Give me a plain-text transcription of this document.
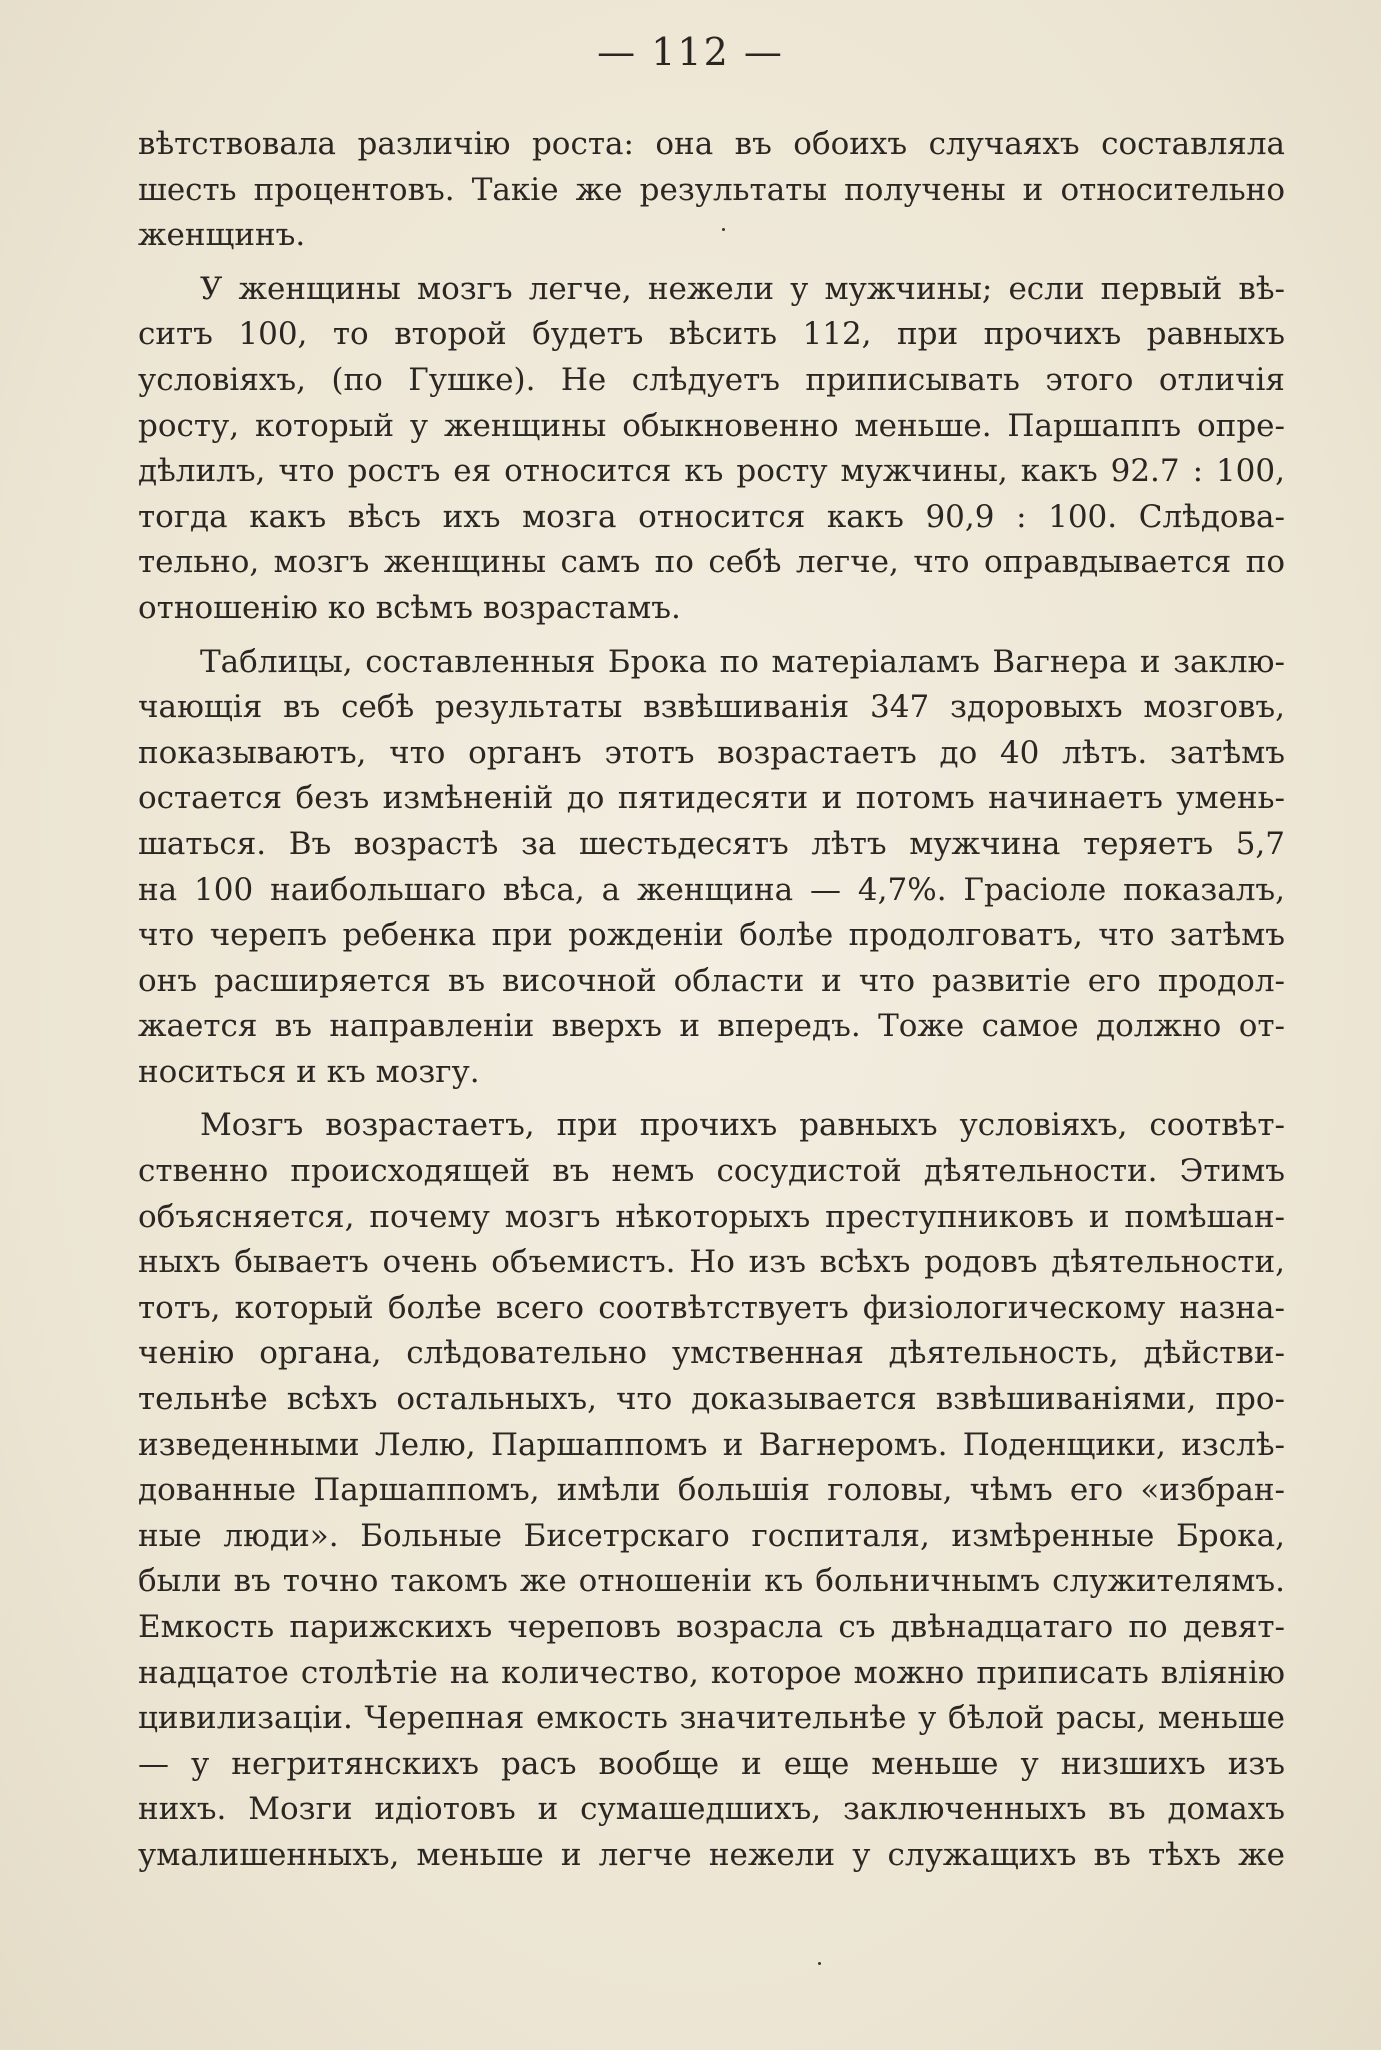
— 112 —
вѣтствовала различію роста: она въ обоихъ случаяхъ составляла
шесть процентовъ. Такіе же результаты получены и относительно
женщинъ.
У женщины мозгъ легче, нежели у мужчины; если первый вѣ-
ситъ 100, то второй будетъ вѣсить 112, при прочихъ равныхъ
условіяхъ, (по Гушке). Не слѣдуетъ приписывать этого отличія
росту, который у женщины обыкновенно меньше. Паршаппъ опре-
дѣлилъ, что ростъ ея относится къ росту мужчины, какъ 92.7 : 100,
тогда какъ вѣсъ ихъ мозга относится какъ 90,9 : 100. Слѣдова-
тельно, мозгъ женщины самъ по себѣ легче, что оправдывается по
отношенію ко всѣмъ возрастамъ.
Таблицы, составленныя Брока по матеріаламъ Вагнера и заклю-
чающія въ себѣ результаты взвѣшиванія 347 здоровыхъ мозговъ,
показываютъ, что органъ этотъ возрастаетъ до 40 лѣтъ. затѣмъ
остается безъ измѣненій до пятидесяти и потомъ начинаетъ умень-
шаться. Въ возрастѣ за шестьдесятъ лѣтъ мужчина теряетъ 5,7
на 100 наибольшаго вѣса, а женщина — 4,7%. Грасіоле показалъ,
что черепъ ребенка при рожденіи болѣе продолговатъ, что затѣмъ
онъ расширяется въ височной области и что развитіе его продол-
жается въ направленіи вверхъ и впередъ. Тоже самое должно от-
носиться и къ мозгу.
Мозгъ возрастаетъ, при прочихъ равныхъ условіяхъ, соотвѣт-
ственно происходящей въ немъ сосудистой дѣятельности. Этимъ
объясняется, почему мозгъ нѣкоторыхъ преступниковъ и помѣшан-
ныхъ бываетъ очень объемистъ. Но изъ всѣхъ родовъ дѣятельности,
тотъ, который болѣе всего соотвѣтствуетъ физіологическому назна-
ченію органа, слѣдовательно умственная дѣятельность, дѣйстви-
тельнѣе всѣхъ остальныхъ, что доказывается взвѣшиваніями, про-
изведенными Лелю, Паршаппомъ и Вагнеромъ. Поденщики, изслѣ-
дованные Паршаппомъ, имѣли большія головы, чѣмъ его «избран-
ные люди». Больные Бисетрскаго госпиталя, измѣренные Брока,
были въ точно такомъ же отношеніи къ больничнымъ служителямъ.
Емкость парижскихъ череповъ возрасла съ двѣнадцатаго по девят-
надцатое столѣтіе на количество, которое можно приписать вліянію
цивилизаціи. Черепная емкость значительнѣе у бѣлой расы, меньше
— у негритянскихъ расъ вообще и еще меньше у низшихъ изъ
нихъ. Мозги идіотовъ и сумашедшихъ, заключенныхъ въ домахъ
умалишенныхъ, меньше и легче нежели у служащихъ въ тѣхъ же
